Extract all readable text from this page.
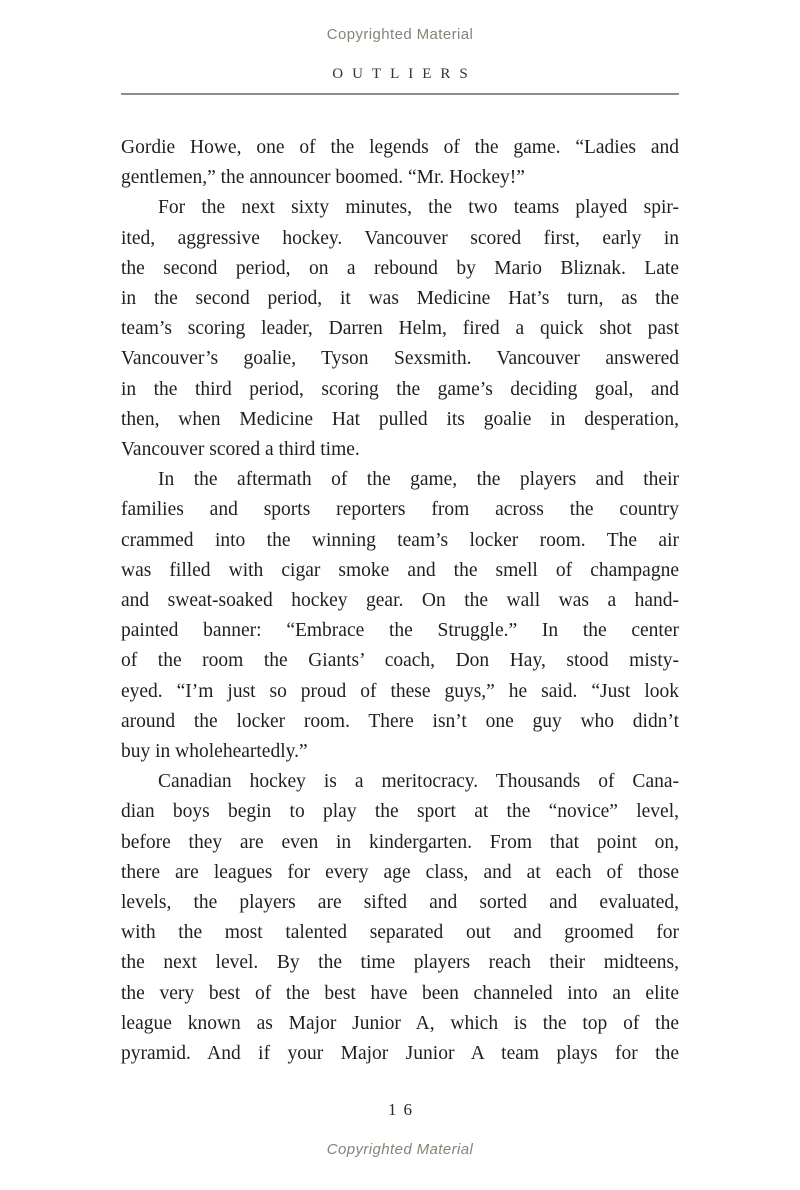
Copyrighted Material
OUTLIERS

Gordie Howe, one of the legends of the game. “Ladies and
gentlemen,” the announcer boomed. “Mr. Hockey!”

For the next sixty minutes, the two teams played spir-
ited, aggressive hockey. Vancouver scored first, early in
the second period, on a rebound by Mario Bliznak. Late
in the second period, it was Medicine Hat’s turn, as the
team’s scoring leader, Darren Helm, fired a quick shot past
Vancouver’s goalie, Tyson Sexsmith. Vancouver answered
in the third period, scoring the game’s deciding goal, and
then, when Medicine Hat pulled its goalie in desperation,
Vancouver scored a third time.

In the aftermath of the game, the players and their
families and sports reporters from across the country
crammed into the winning team’s locker room. The air
was filled with cigar smoke and the smell of champagne
and sweat-soaked hockey gear. On the wall was a hand-
painted banner: “Embrace the Struggle.” In the center
of the room the Giants’ coach, Don Hay, stood misty-
eyed. “I’m just so proud of these guys,” he said. “Just look
around the locker room. There isn’t one guy who didn’t
buy in wholeheartedly.”

Canadian hockey is a meritocracy. Thousands of Cana-
dian boys begin to play the sport at the “novice” level,
before they are even in kindergarten. From that point on,
there are leagues for every age class, and at each of those
levels, the players are sifted and sorted and evaluated,
with the most talented separated out and groomed for
the next level. By the time players reach their midteens,
the very best of the best have been channeled into an elite
league known as Major Junior A, which is the top of the
pyramid. And if your Major Junior A team plays for the

16
Copyrighted Material
